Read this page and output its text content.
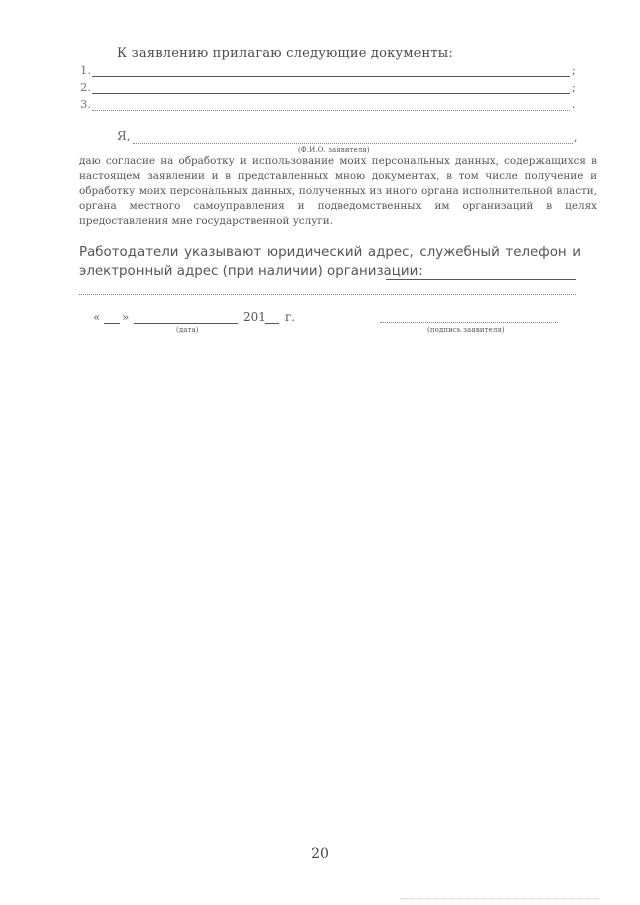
К заявлению прилагаю следующие документы:
1.	;
2.	;
3.	.
Я,	,
(Ф.И.О. заявителя)
даю согласие на обработку и использование моих персональных данных, содержащихся в
настоящем заявлении и в представленных мною документах, в том числе получение и
обработку моих персональных данных, полученных из иного органа исполнительной власти,
органа местного самоуправления и подведомственных им организаций в целях
предоставления мне государственной услуги.
Работодатели указывают юридический адрес, служебный телефон и
электронный адрес (при наличии) организации:
« »	201 г.
(дата)	(подпись заявителя)
20
